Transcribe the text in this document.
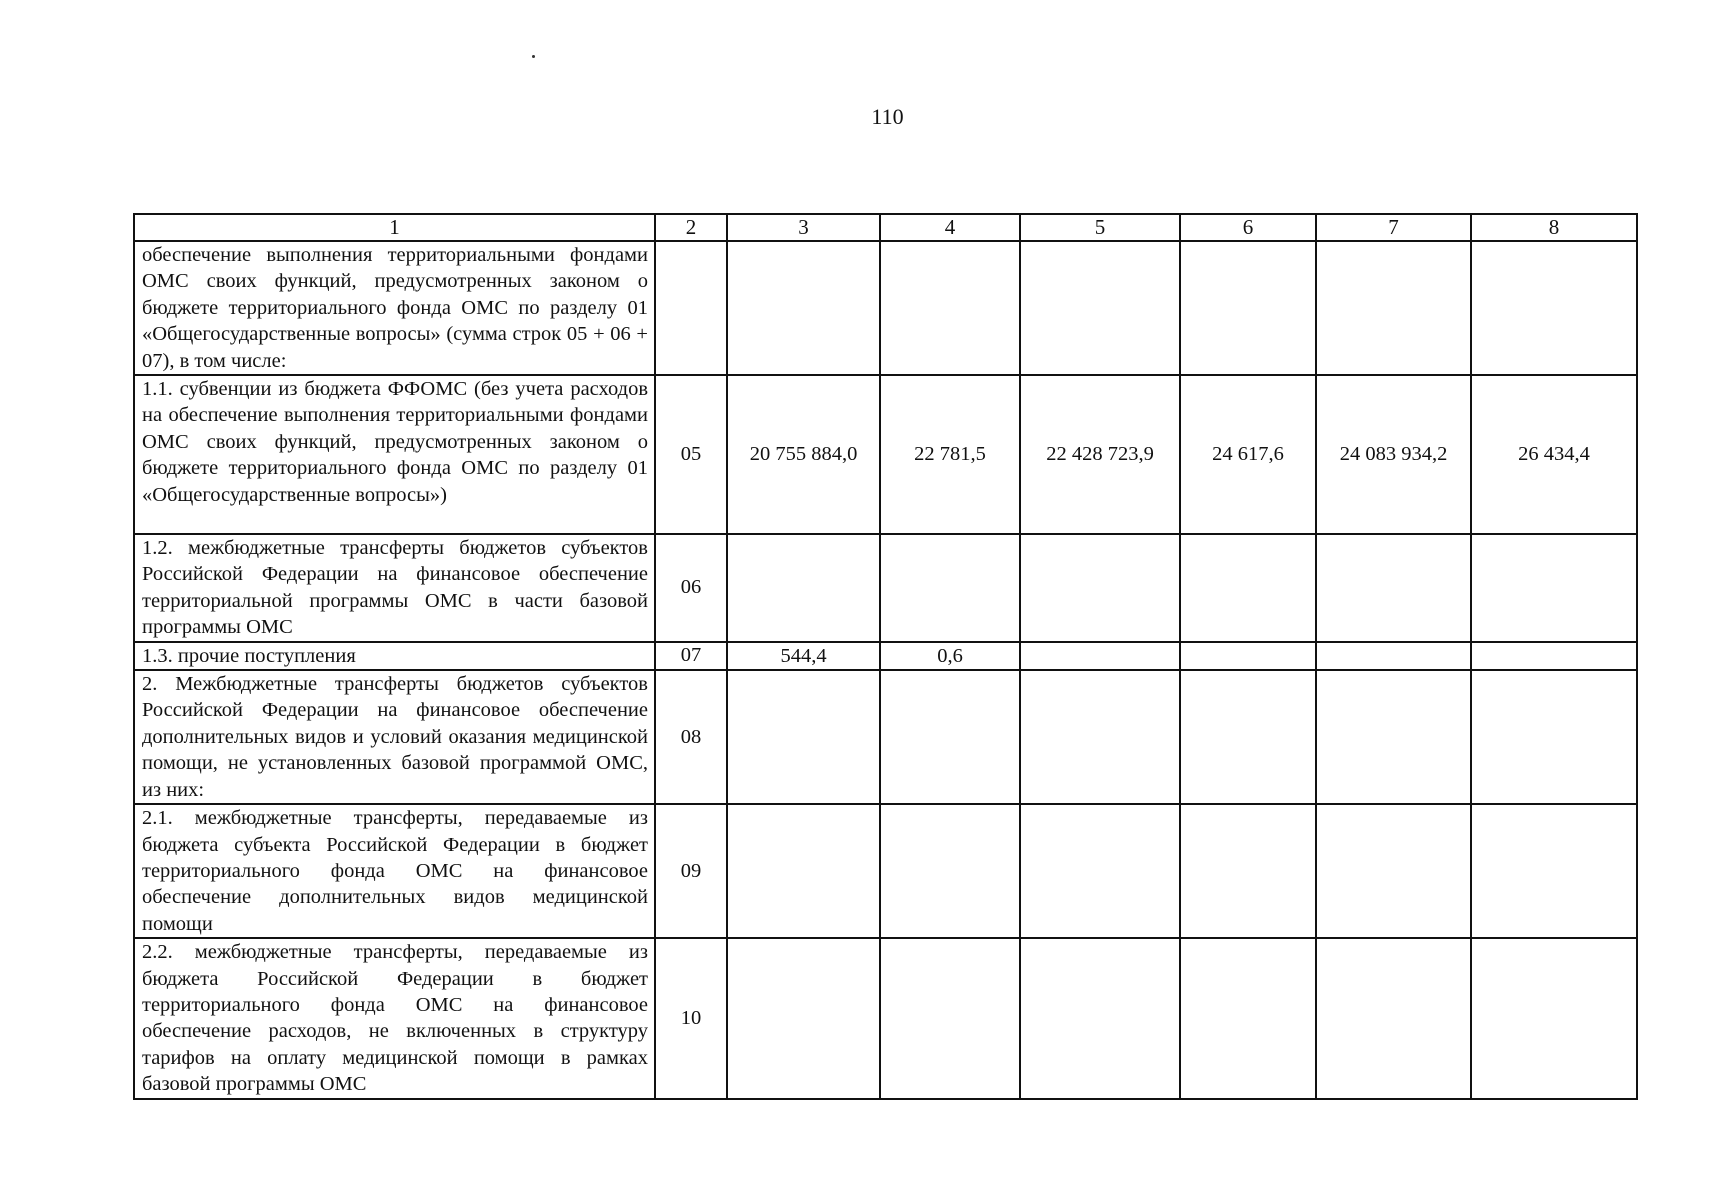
110
1	2	3	4	5	6	7	8
обеспечение выполнения территориальными фондами ОМС своих функций, предусмотренных законом о бюджете территориального фонда ОМС по разделу 01 «Общегосударственные вопросы» (сумма строк 05 + 06 + 07), в том числе:							
1.1. субвенции из бюджета ФФОМС (без учета расходов на обеспечение выполнения территориальными фондами ОМС своих функций, предусмотренных законом о бюджете территориального фонда ОМС по разделу 01 «Общегосударственные вопросы»)	05	20 755 884,0	22 781,5	22 428 723,9	24 617,6	24 083 934,2	26 434,4
1.2. межбюджетные трансферты бюджетов субъектов Российской Федерации на финансовое обеспечение территориальной программы ОМС в части базовой программы ОМС	06						
1.3. прочие поступления	07	544,4	0,6				
2. Межбюджетные трансферты бюджетов субъектов Российской Федерации на финансовое обеспечение дополнительных видов и условий оказания медицинской помощи, не установленных базовой программой ОМС, из них:	08						
2.1. межбюджетные трансферты, передаваемые из бюджета субъекта Российской Федерации в бюджет территориального фонда ОМС на финансовое обеспечение дополнительных видов медицинской помощи	09						
2.2. межбюджетные трансферты, передаваемые из бюджета Российской Федерации в бюджет территориального фонда ОМС на финансовое обеспечение расходов, не включенных в структуру тарифов на оплату медицинской помощи в рамках базовой программы ОМС	10						
